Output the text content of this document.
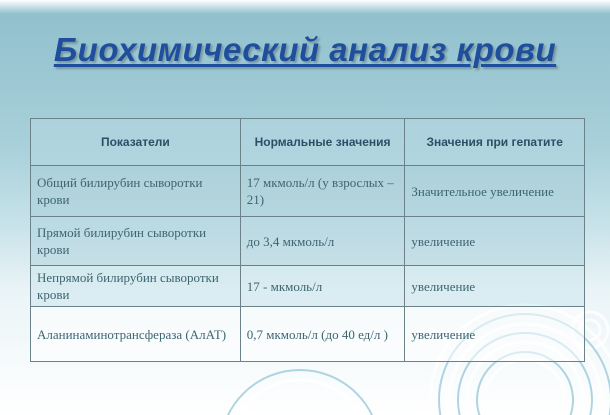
Биохимический анализ крови
Показатели	Нормальные значения	Значения при гепатите
Общий билирубин сыворотки крови	17 мкмоль/л (у взрослых – 21)	Значительное увеличение
Прямой билирубин сыворотки крови	до 3,4 мкмоль/л	увеличение
Непрямой билирубин сыворотки крови	17 - мкмоль/л	увеличение
Аланинаминотрансфераза (АлАТ)	0,7 мкмоль/л (до 40 ед/л )	увеличение
